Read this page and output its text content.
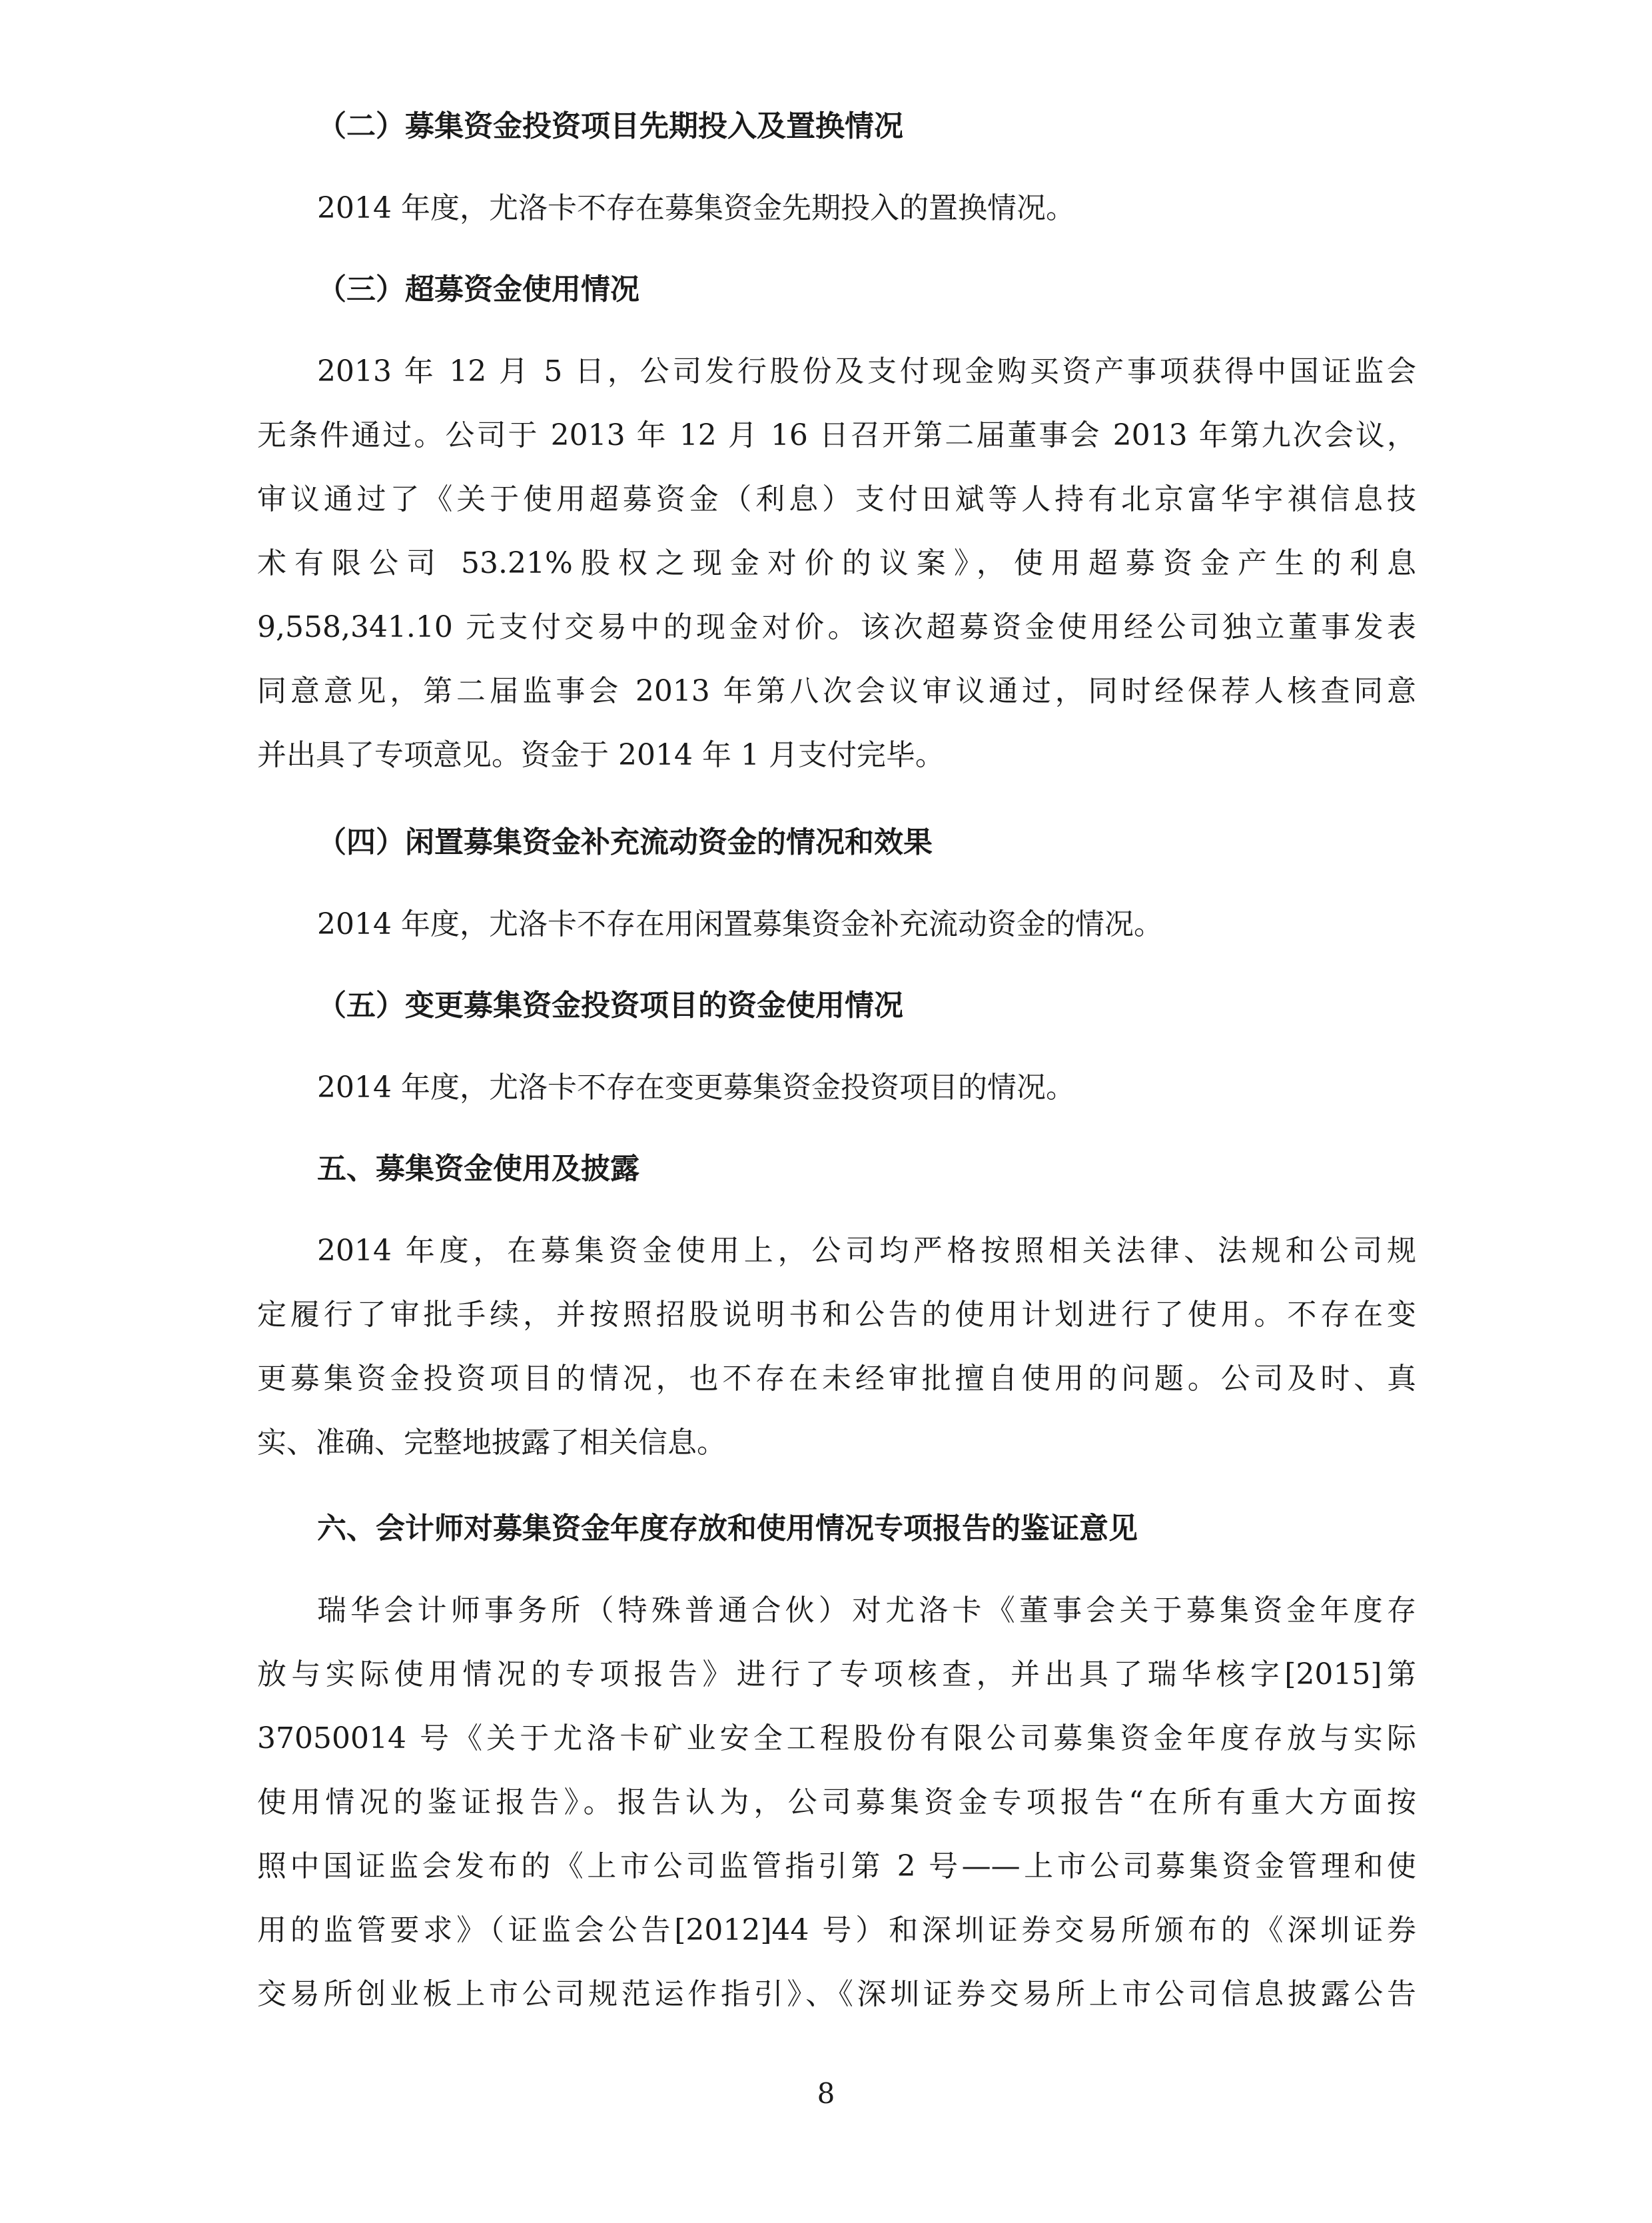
（二）募集资金投资项目先期投入及置换情况
2014 年度，尤洛卡不存在募集资金先期投入的置换情况。
（三）超募资金使用情况
2013 年 12 月 5 日，公司发行股份及支付现金购买资产事项获得中国证监会
无条件通过。公司于 2013 年 12 月 16 日召开第二届董事会 2013 年第九次会议，
审议通过了《关于使用超募资金（利息）支付田斌等人持有北京富华宇祺信息技
术有限公司 53.21%股权之现金对价的议案》，使用超募资金产生的利息
9,558,341.10 元支付交易中的现金对价。该次超募资金使用经公司独立董事发表
同意意见，第二届监事会 2013 年第八次会议审议通过，同时经保荐人核查同意
并出具了专项意见。资金于 2014 年 1 月支付完毕。
（四）闲置募集资金补充流动资金的情况和效果
2014 年度，尤洛卡不存在用闲置募集资金补充流动资金的情况。
（五）变更募集资金投资项目的资金使用情况
2014 年度，尤洛卡不存在变更募集资金投资项目的情况。
五、募集资金使用及披露
2014 年度，在募集资金使用上，公司均严格按照相关法律、法规和公司规
定履行了审批手续，并按照招股说明书和公告的使用计划进行了使用。不存在变
更募集资金投资项目的情况，也不存在未经审批擅自使用的问题。公司及时、真
实、准确、完整地披露了相关信息。
六、会计师对募集资金年度存放和使用情况专项报告的鉴证意见
瑞华会计师事务所（特殊普通合伙）对尤洛卡《董事会关于募集资金年度存
放与实际使用情况的专项报告》进行了专项核查，并出具了瑞华核字[2015]第
37050014 号《关于尤洛卡矿业安全工程股份有限公司募集资金年度存放与实际
使用情况的鉴证报告》。报告认为，公司募集资金专项报告“在所有重大方面按
照中国证监会发布的《上市公司监管指引第 2 号——上市公司募集资金管理和使
用的监管要求》（证监会公告[2012]44 号）和深圳证券交易所颁布的《深圳证券
交易所创业板上市公司规范运作指引》、《深圳证券交易所上市公司信息披露公告
8
